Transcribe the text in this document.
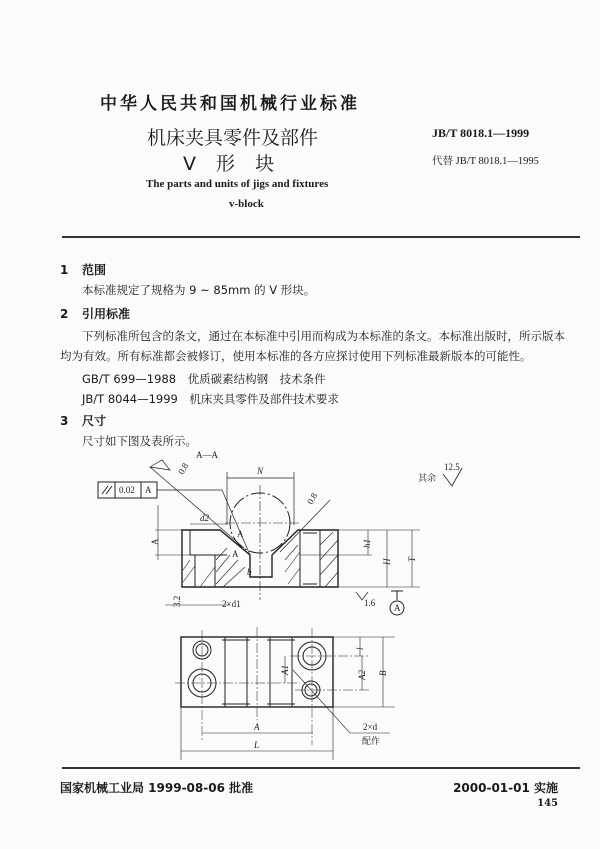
中华人民共和国机械行业标准
机床夹具零件及部件
V 形 块
The parts and units of jigs and fixtures
v-block
JB/T 8018.1—1999
代替 JB/T 8018.1—1995
1 范围
本标准规定了规格为 9 ~ 85mm 的 V 形块。
2 引用标准
下列标准所包含的条文，通过在本标准中引用而构成为本标准的条文。本标准出版时，所示版本
均为有效。所有标准都会被修订，使用本标准的各方应探讨使用下列标准最新版本的可能性。
GB/T 699—1988　优质碳素结构钢　技术条件
JB/T 8044—1999　机床夹具零件及部件技术要求
3 尺寸
尺寸如下图及表所示。
A—A
N
0.02 A
0.8
0.8
d2
A
b
A
A
h1
H T
1.6 A
3.2	2×d1
其余
12.5
l
A2 B
A1
A
L
2×d
配作
国家机械工业局 1999-08-06 批准	2000-01-01 实施
145
